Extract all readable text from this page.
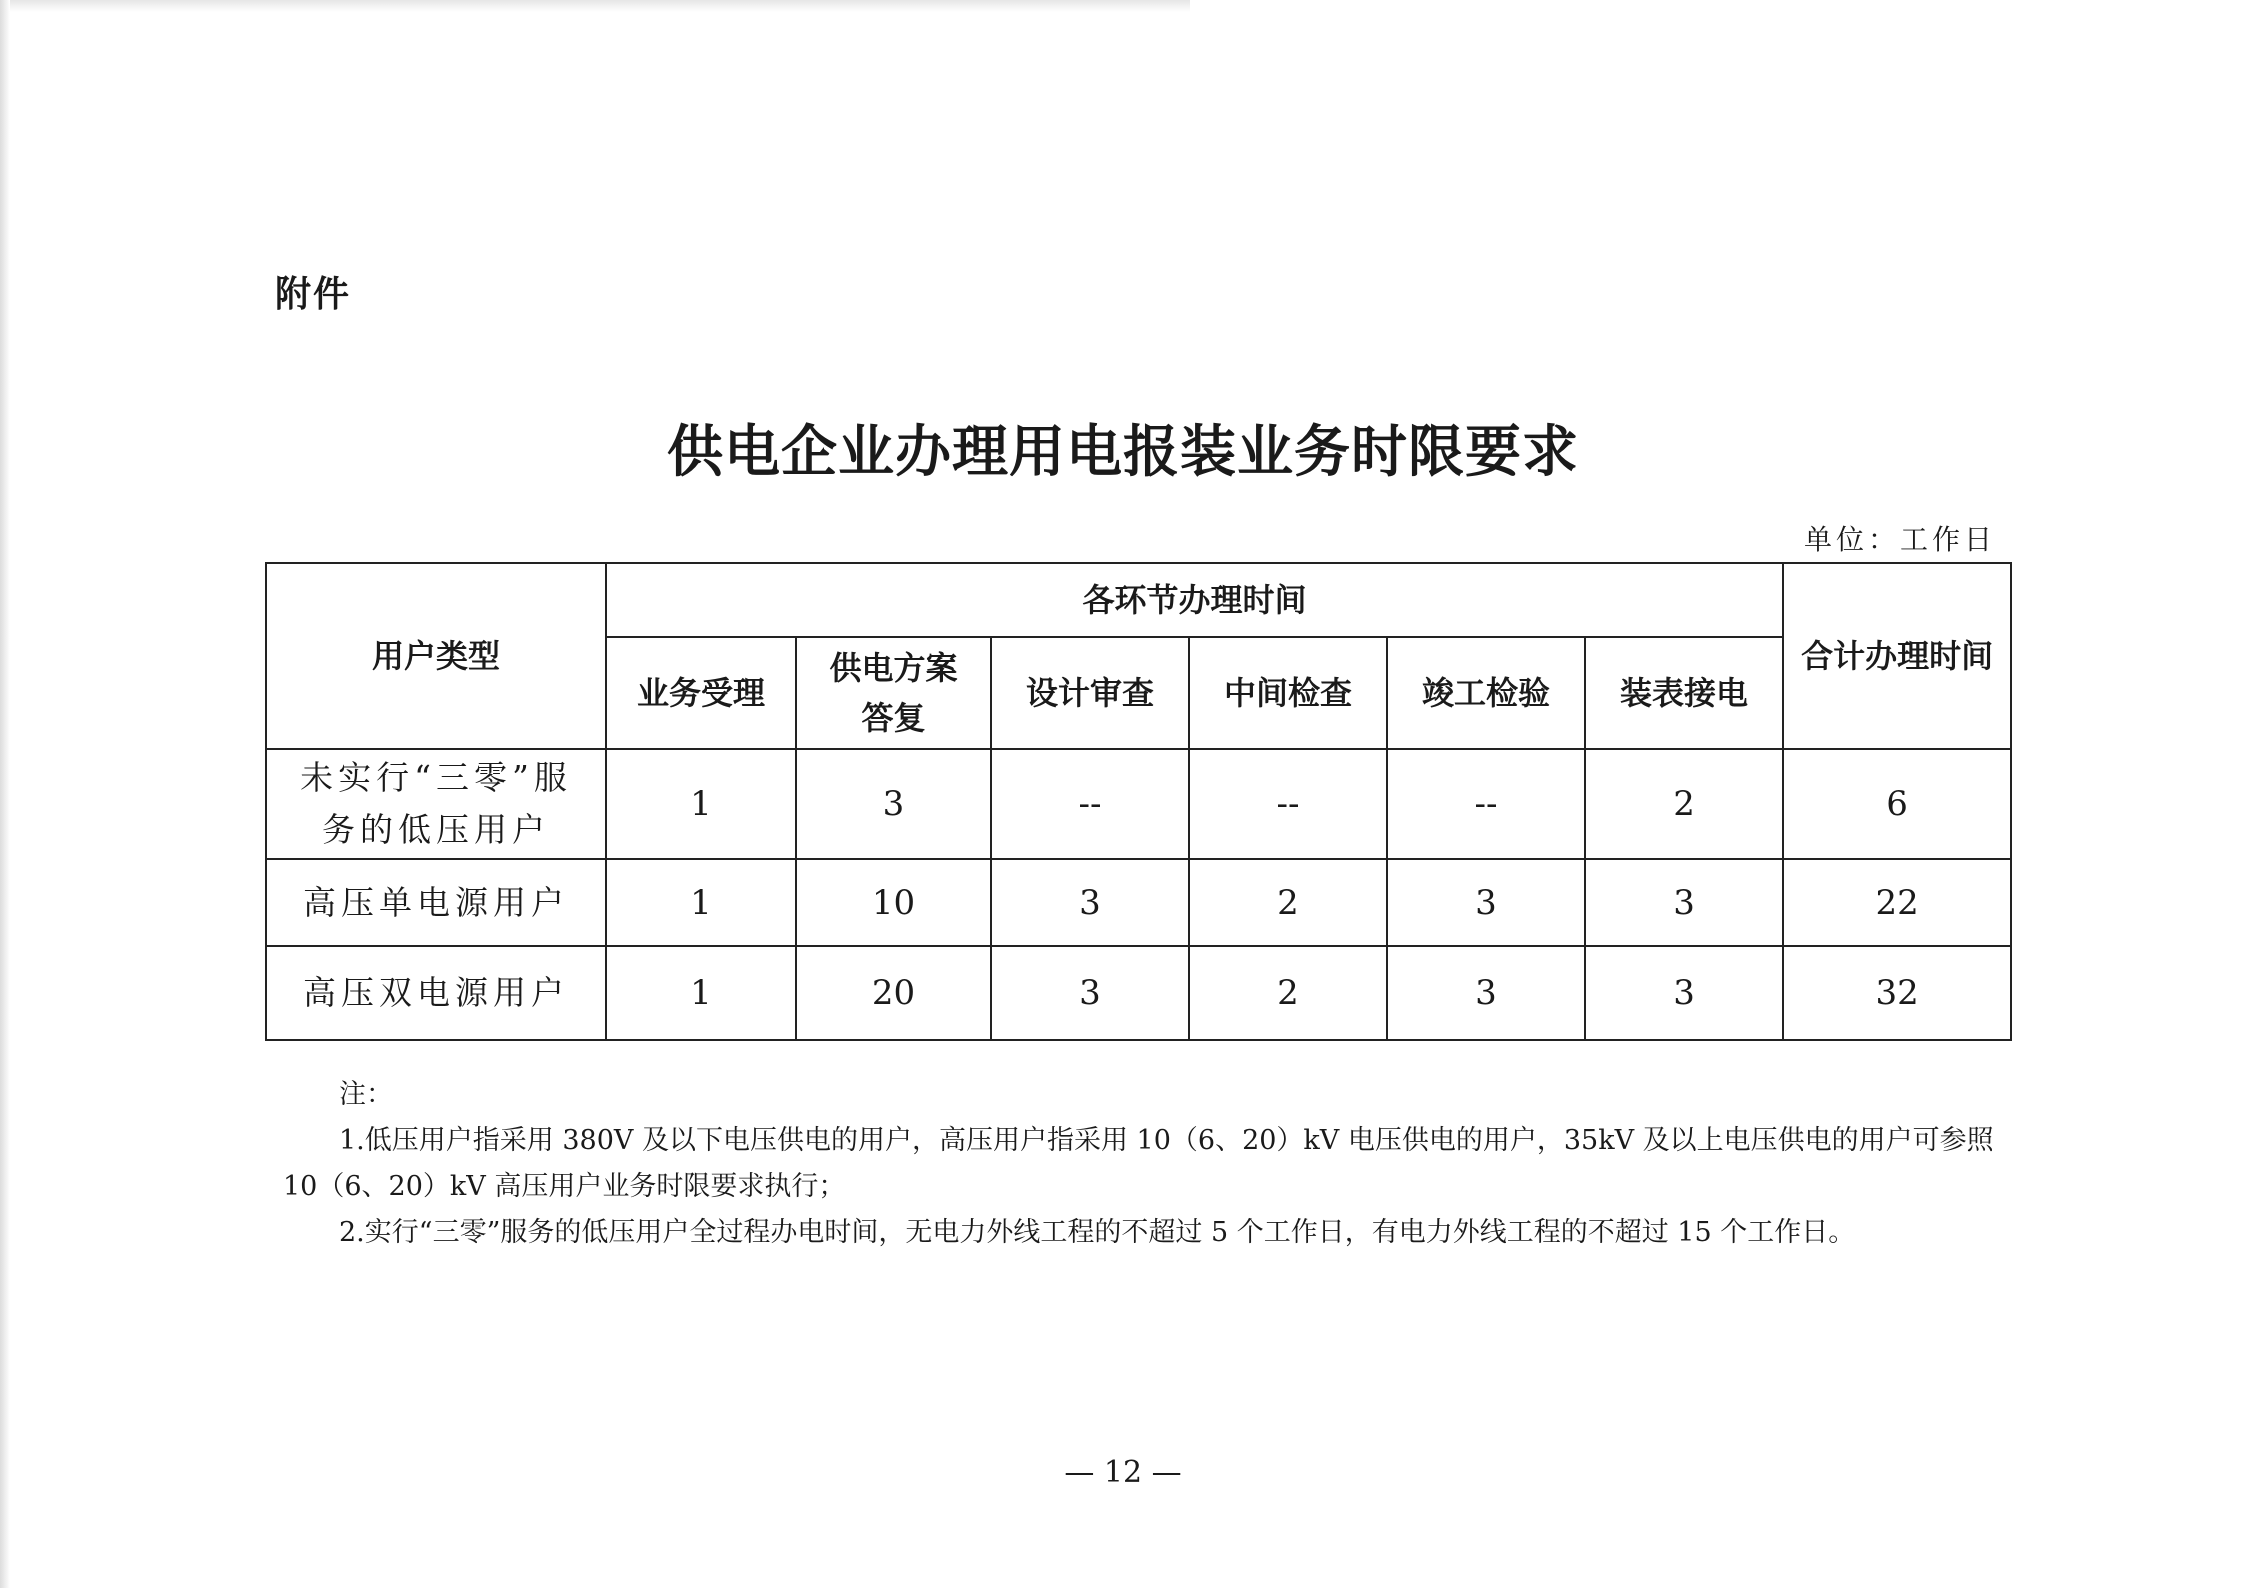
附件
供电企业办理用电报装业务时限要求
单位：工作日
用户类型	各环节办理时间						合计办理时间
	业务受理	供电方案答复	设计审查	中间检查	竣工检验	装表接电	
未实行“三零”服务的低压用户	1	3	--	--	--	2	6
高压单电源用户	1	10	3	2	3	3	22
高压双电源用户	1	20	3	2	3	3	32
注：
1.低压用户指采用 380V 及以下电压供电的用户，高压用户指采用 10（6、20）kV 电压供电的用户，35kV 及以上电压供电的用户可参照 10（6、20）kV 高压用户业务时限要求执行；
2.实行“三零”服务的低压用户全过程办电时间，无电力外线工程的不超过 5 个工作日，有电力外线工程的不超过 15 个工作日。
— 12 —
